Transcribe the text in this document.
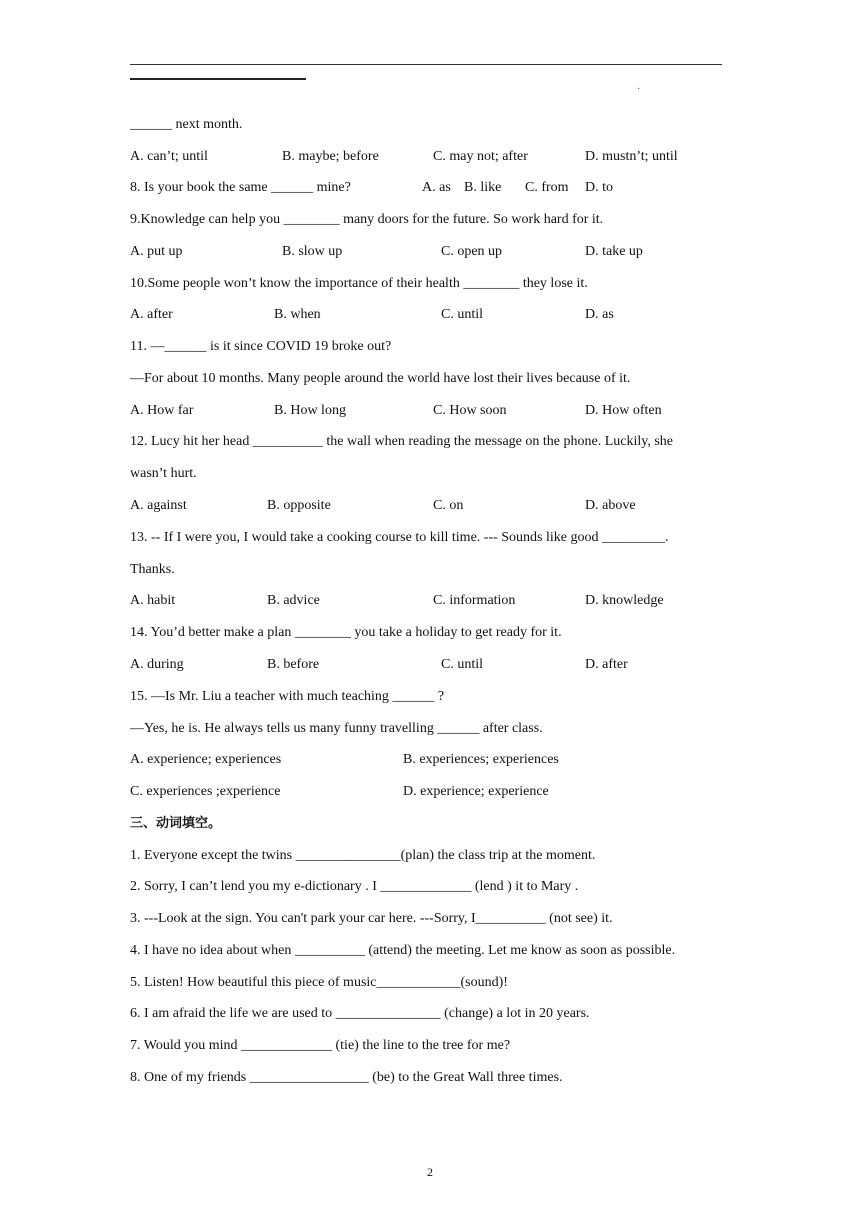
·
______ next month.
A. can’t; until	B. maybe; before	C. may not; after	D. mustn’t; until
8. Is your book the same ______ mine?	A. as B. like C. from D. to
9.Knowledge can help you ________ many doors for the future. So work hard for it.
A. put up	B. slow up	C. open up	D. take up
10.Some people won’t know the importance of their health ________ they lose it.
A. after	B. when	C. until	D. as
11. —______ is it since COVID 19 broke out?
—For about 10 months. Many people around the world have lost their lives because of it.
A. How far	B. How long	C. How soon	D. How often
12. Lucy hit her head __________ the wall when reading the message on the phone. Luckily, she
wasn’t hurt.
A. against	B. opposite	C. on	D. above
13. -- If I were you, I would take a cooking course to kill time. --- Sounds like good _________.
Thanks.
A. habit	B. advice	C. information	D. knowledge
14. You’d better make a plan ________ you take a holiday to get ready for it.
A. during	B. before	C. until	D. after
15. —Is Mr. Liu a teacher with much teaching ______ ?
—Yes, he is. He always tells us many funny travelling ______ after class.
A. experience; experiences	B. experiences; experiences
C. experiences ;experience	D. experience; experience
三、动词填空。
1. Everyone except the twins _______________(plan) the class trip at the moment.
2. Sorry, I can’t lend you my e-dictionary . I _____________ (lend ) it to Mary .
3. ---Look at the sign. You can't park your car here. ---Sorry, I__________ (not see) it.
4. I have no idea about when __________ (attend) the meeting. Let me know as soon as possible.
5. Listen! How beautiful this piece of music____________(sound)!
6. I am afraid the life we are used to _______________ (change) a lot in 20 years.
7. Would you mind _____________ (tie) the line to the tree for me?
8. One of my friends _________________ (be) to the Great Wall three times.
2
